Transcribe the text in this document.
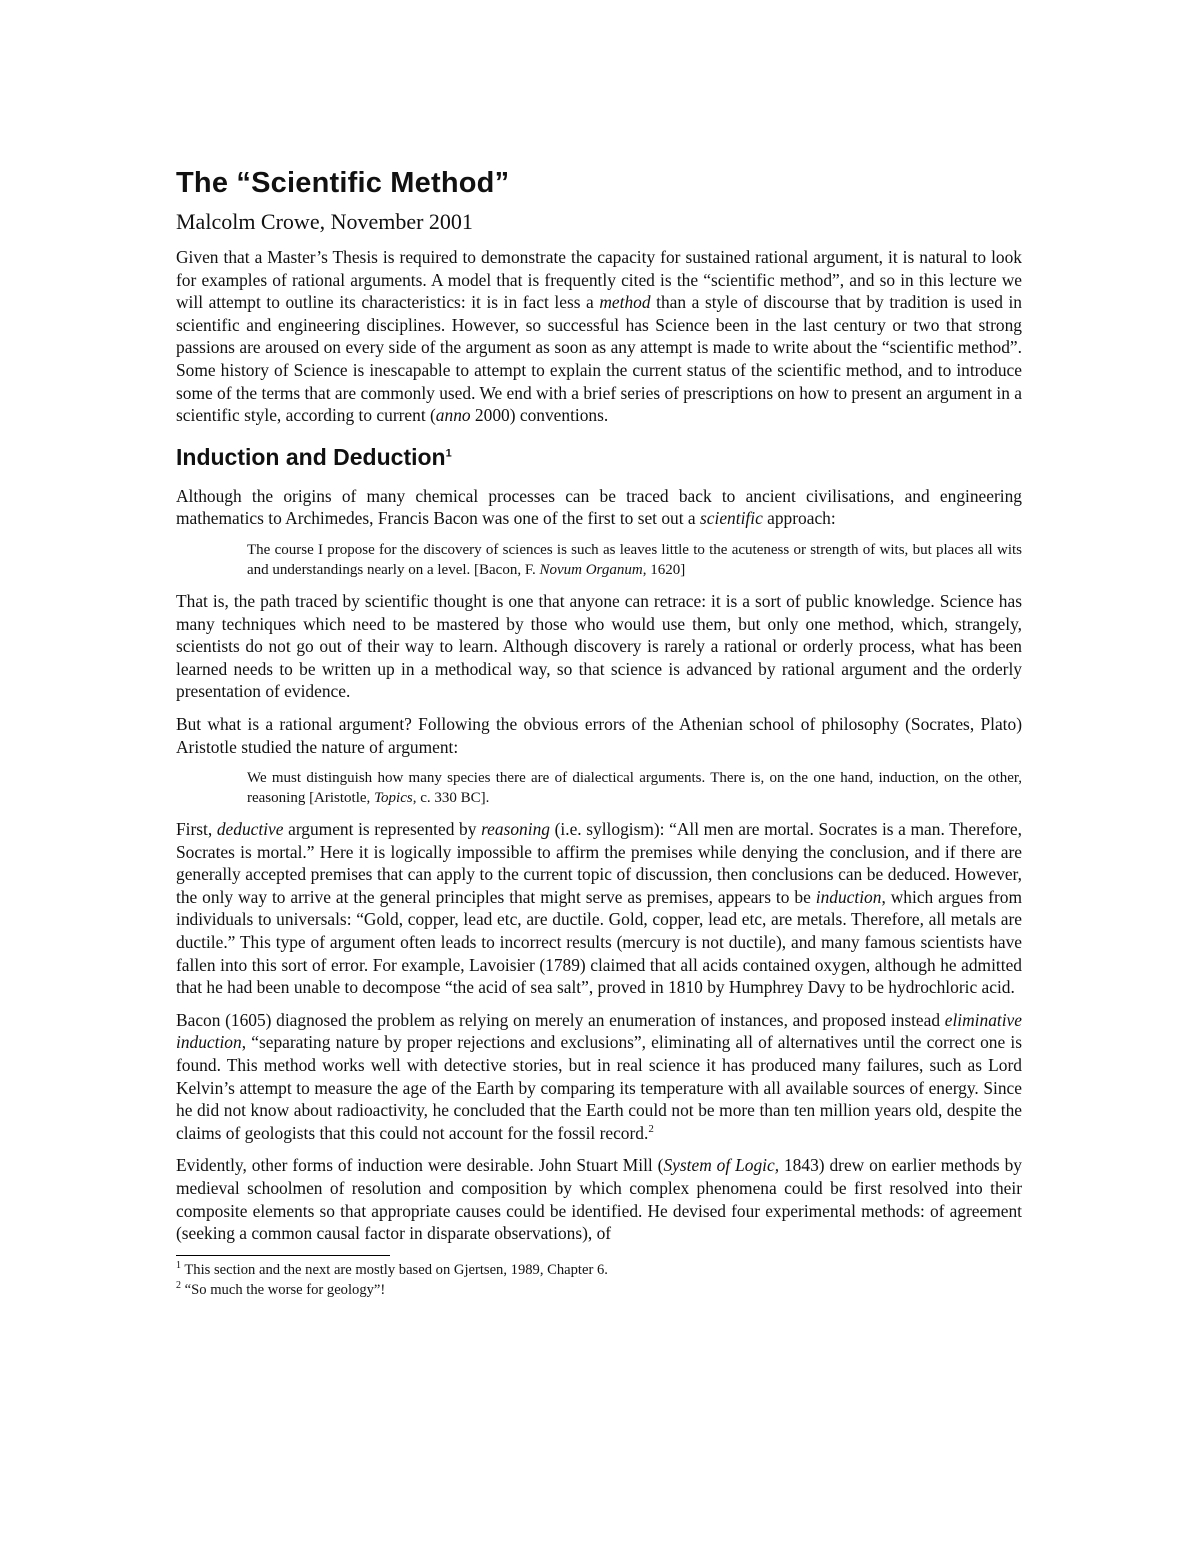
The “Scientific Method”
Malcolm Crowe, November 2001

Given that a Master’s Thesis is required to demonstrate the capacity for sustained rational argument, it is natural to look for examples of rational arguments. A model that is frequently cited is the “scientific method”, and so in this lecture we will attempt to outline its characteristics: it is in fact less a method than a style of discourse that by tradition is used in scientific and engineering disciplines. However, so successful has Science been in the last century or two that strong passions are aroused on every side of the argument as soon as any attempt is made to write about the “scientific method”. Some history of Science is inescapable to attempt to explain the current status of the scientific method, and to introduce some of the terms that are commonly used. We end with a brief series of prescriptions on how to present an argument in a scientific style, according to current (anno 2000) conventions.

Induction and Deduction$^1$

Although the origins of many chemical processes can be traced back to ancient civilisations, and engineering mathematics to Archimedes, Francis Bacon was one of the first to set out a scientific approach:

The course I propose for the discovery of sciences is such as leaves little to the acuteness or strength of wits, but places all wits and understandings nearly on a level. [Bacon, F. Novum Organum, 1620]

That is, the path traced by scientific thought is one that anyone can retrace: it is a sort of public knowledge. Science has many techniques which need to be mastered by those who would use them, but only one method, which, strangely, scientists do not go out of their way to learn. Although discovery is rarely a rational or orderly process, what has been learned needs to be written up in a methodical way, so that science is advanced by rational argument and the orderly presentation of evidence.

But what is a rational argument? Following the obvious errors of the Athenian school of philosophy (Socrates, Plato) Aristotle studied the nature of argument:

We must distinguish how many species there are of dialectical arguments. There is, on the one hand, induction, on the other, reasoning [Aristotle, Topics, c. 330 BC].

First, deductive argument is represented by reasoning (i.e. syllogism): “All men are mortal. Socrates is a man. Therefore, Socrates is mortal.” Here it is logically impossible to affirm the premises while denying the conclusion, and if there are generally accepted premises that can apply to the current topic of discussion, then conclusions can be deduced. However, the only way to arrive at the general principles that might serve as premises, appears to be induction, which argues from individuals to universals: “Gold, copper, lead etc, are ductile. Gold, copper, lead etc, are metals. Therefore, all metals are ductile.” This type of argument often leads to incorrect results (mercury is not ductile), and many famous scientists have fallen into this sort of error. For example, Lavoisier (1789) claimed that all acids contained oxygen, although he admitted that he had been unable to decompose “the acid of sea salt”, proved in 1810 by Humphrey Davy to be hydrochloric acid.

Bacon (1605) diagnosed the problem as relying on merely an enumeration of instances, and proposed instead eliminative induction, “separating nature by proper rejections and exclusions”, eliminating all of alternatives until the correct one is found. This method works well with detective stories, but in real science it has produced many failures, such as Lord Kelvin’s attempt to measure the age of the Earth by comparing its temperature with all available sources of energy. Since he did not know about radioactivity, he concluded that the Earth could not be more than ten million years old, despite the claims of geologists that this could not account for the fossil record.$^2$

Evidently, other forms of induction were desirable. John Stuart Mill (System of Logic, 1843) drew on earlier methods by medieval schoolmen of resolution and composition by which complex phenomena could be first resolved into their composite elements so that appropriate causes could be identified. He devised four experimental methods: of agreement (seeking a common causal factor in disparate observations), of

$^1$ This section and the next are mostly based on Gjertsen, 1989, Chapter 6.

$^2$ “So much the worse for geology”!
